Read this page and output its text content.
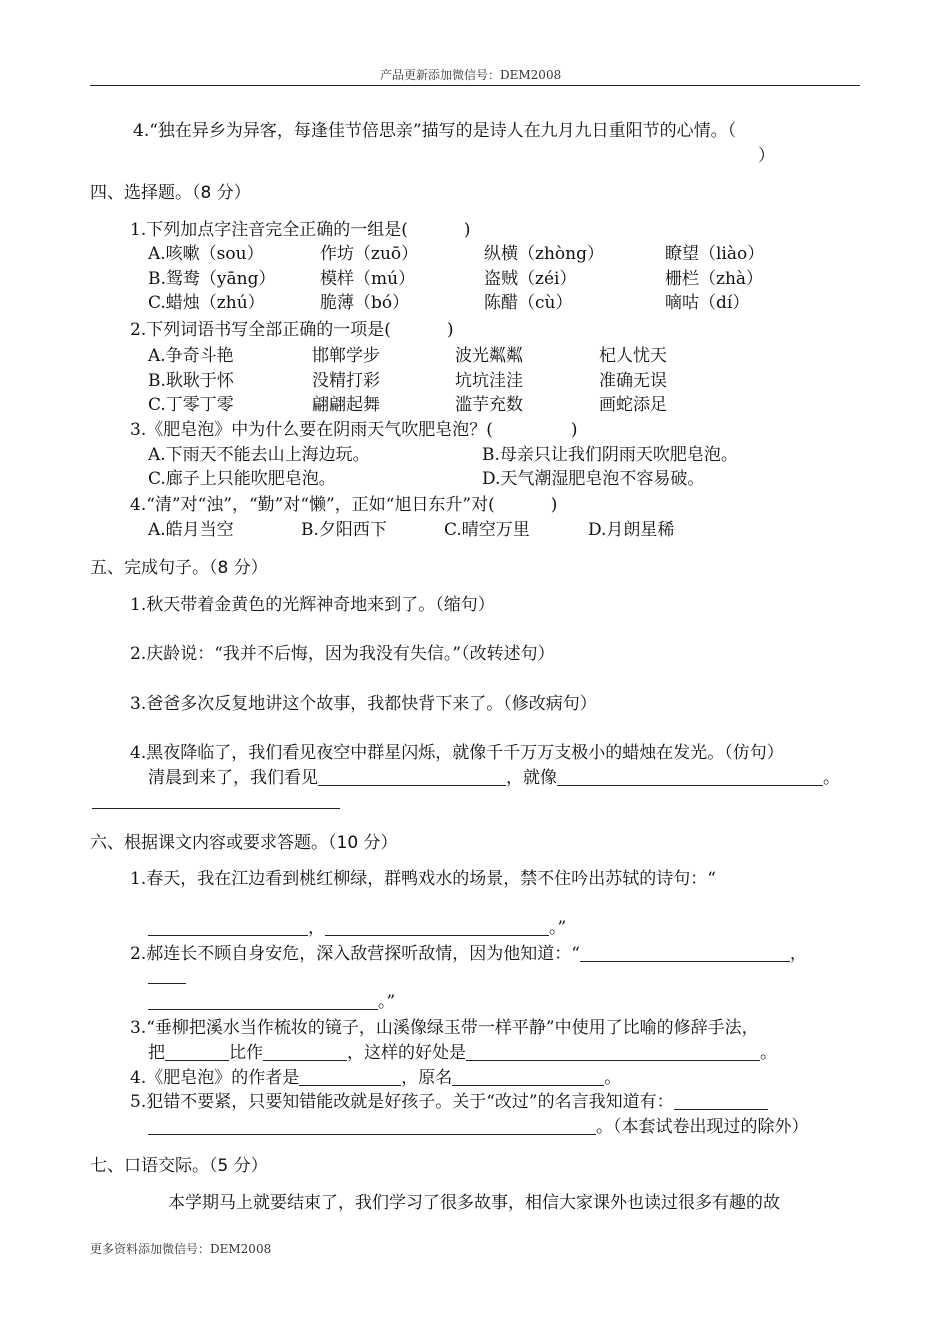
产品更新添加微信号：DEM2008
4.“独在异乡为异客，每逢佳节倍思亲”描写的是诗人在九月九日重阳节的心情。（
）
四、选择题。（8 分）
1.下列加点字注音完全正确的一组是(	)
A.咳嗽（sou）	作坊（zuō）	纵横（zhòng）	瞭望（liào）
B.鸳鸯（yāng）	模样（mú）	盗贼（zéi）	栅栏（zhà）
C.蜡烛（zhú）	脆薄（bó）	陈醋（cù）	嘀咕（dí）
2.下列词语书写全部正确的一项是(	)
A.争奇斗艳	邯郸学步	波光粼粼	杞人忧天
B.耿耿于怀	没精打彩	坑坑洼洼	准确无误
C.丁零丁零	翩翩起舞	滥芋充数	画蛇添足
3.《肥皂泡》中为什么要在阴雨天气吹肥皂泡？(	)
A.下雨天不能去山上海边玩。	B.母亲只让我们阴雨天吹肥皂泡。
C.廊子上只能吹肥皂泡。	D.天气潮湿肥皂泡不容易破。
4.“清”对“浊”，“勤”对“懒”，正如“旭日东升”对(	)
A.皓月当空	B.夕阳西下	C.晴空万里	D.月朗星稀
五、完成句子。（8 分）
1.秋天带着金黄色的光辉神奇地来到了。（缩句）
2.庆龄说：“我并不后悔，因为我没有失信。”（改转述句）
3.爸爸多次反复地讲这个故事，我都快背下来了。（修改病句）
4.黑夜降临了，我们看见夜空中群星闪烁，就像千千万万支极小的蜡烛在发光。（仿句）
清晨到来了，我们看见	，就像	。
六、根据课文内容或要求答题。（10 分）
1.春天，我在江边看到桃红柳绿，群鸭戏水的场景，禁不住吟出苏轼的诗句：“
，	。”
2.郝连长不顾自身安危，深入敌营探听敌情，因为他知道：“	，
。”
3.“垂柳把溪水当作梳妆的镜子，山溪像绿玉带一样平静”中使用了比喻的修辞手法，
把	比作	，这样的好处是	。
4.《肥皂泡》的作者是	，原名	。
5.犯错不要紧，只要知错能改就是好孩子。关于“改过”的名言我知道有：
。（本套试卷出现过的除外）
七、口语交际。（5 分）
本学期马上就要结束了，我们学习了很多故事，相信大家课外也读过很多有趣的故
更多资料添加微信号：DEM2008
